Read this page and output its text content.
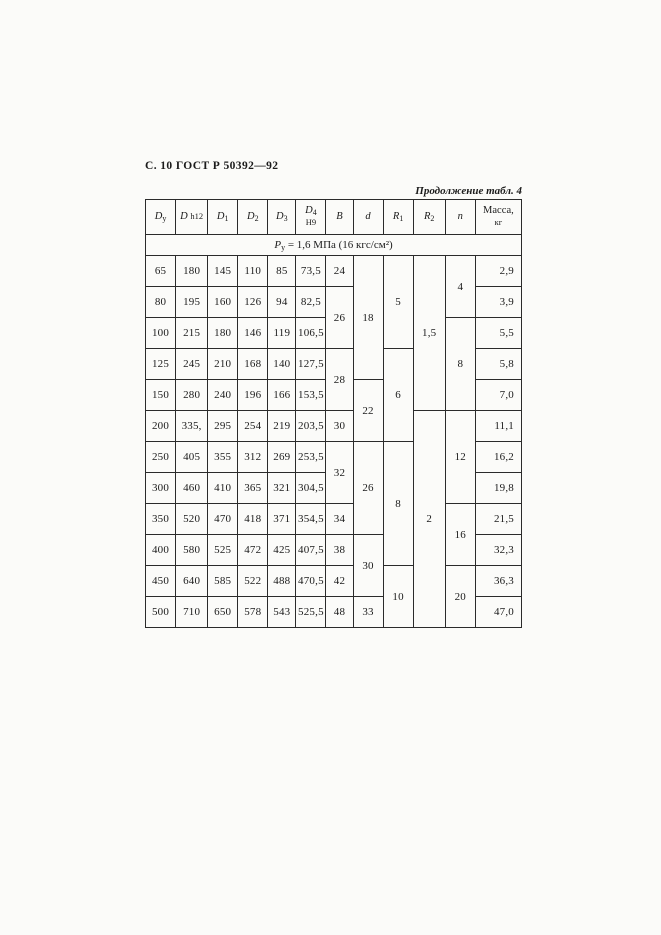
С. 10 ГОСТ Р 50392—92
Продолжение табл. 4
$D_у$	D h12	$D_1$	$D_2$	$D_3$	$D_4$
H9	B	d	$R_1$	$R_2$	n	Масса,
кг
$Р_у = 1,6$ МПа (16 кгс/см²)											
65	180	145	110	85	73,5	24	18	5	1,5	4	2,9
80	195	160	126	94	82,5	26					3,9
100	215	180	146	119	106,5					8	5,5
125	245	210	168	140	127,5	28		6			5,8
150	280	240	196	166	153,5		22				7,0
200	335,	295	254	219	203,5	30			2	12	11,1
250	405	355	312	269	253,5	32	26	8			16,2
300	460	410	365	321	304,5						19,8
350	520	470	418	371	354,5	34				16	21,5
400	580	525	472	425	407,5	38	30				32,3
450	640	585	522	488	470,5	42		10		20	36,3
500	710	650	578	543	525,5	48	33				47,0
